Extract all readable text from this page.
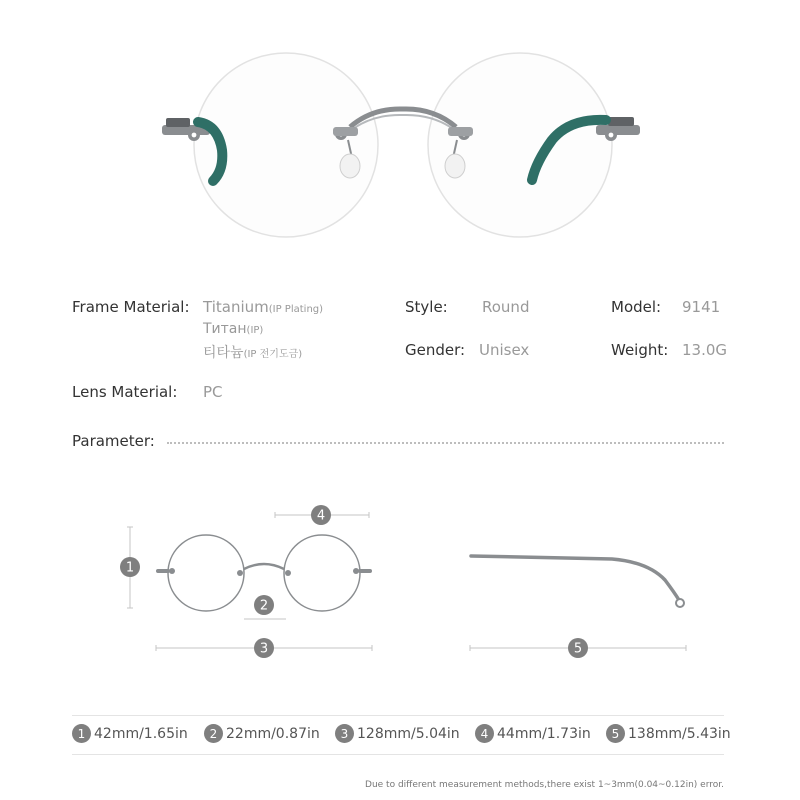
Frame Material: Titanium(IP Plating)
Титан(IP)
티타늄(IP 전기도금)
Style: Round	Model: 9141
Gender: Unisex	Weight: 13.0G
Lens Material: PC
Parameter:
1
4
2
3	5
1 42mm/1.65in	2 22mm/0.87in	3 128mm/5.04in	4 44mm/1.73in	5 138mm/5.43in
Due to different measurement methods,there exist 1~3mm(0.04~0.12in) error.
